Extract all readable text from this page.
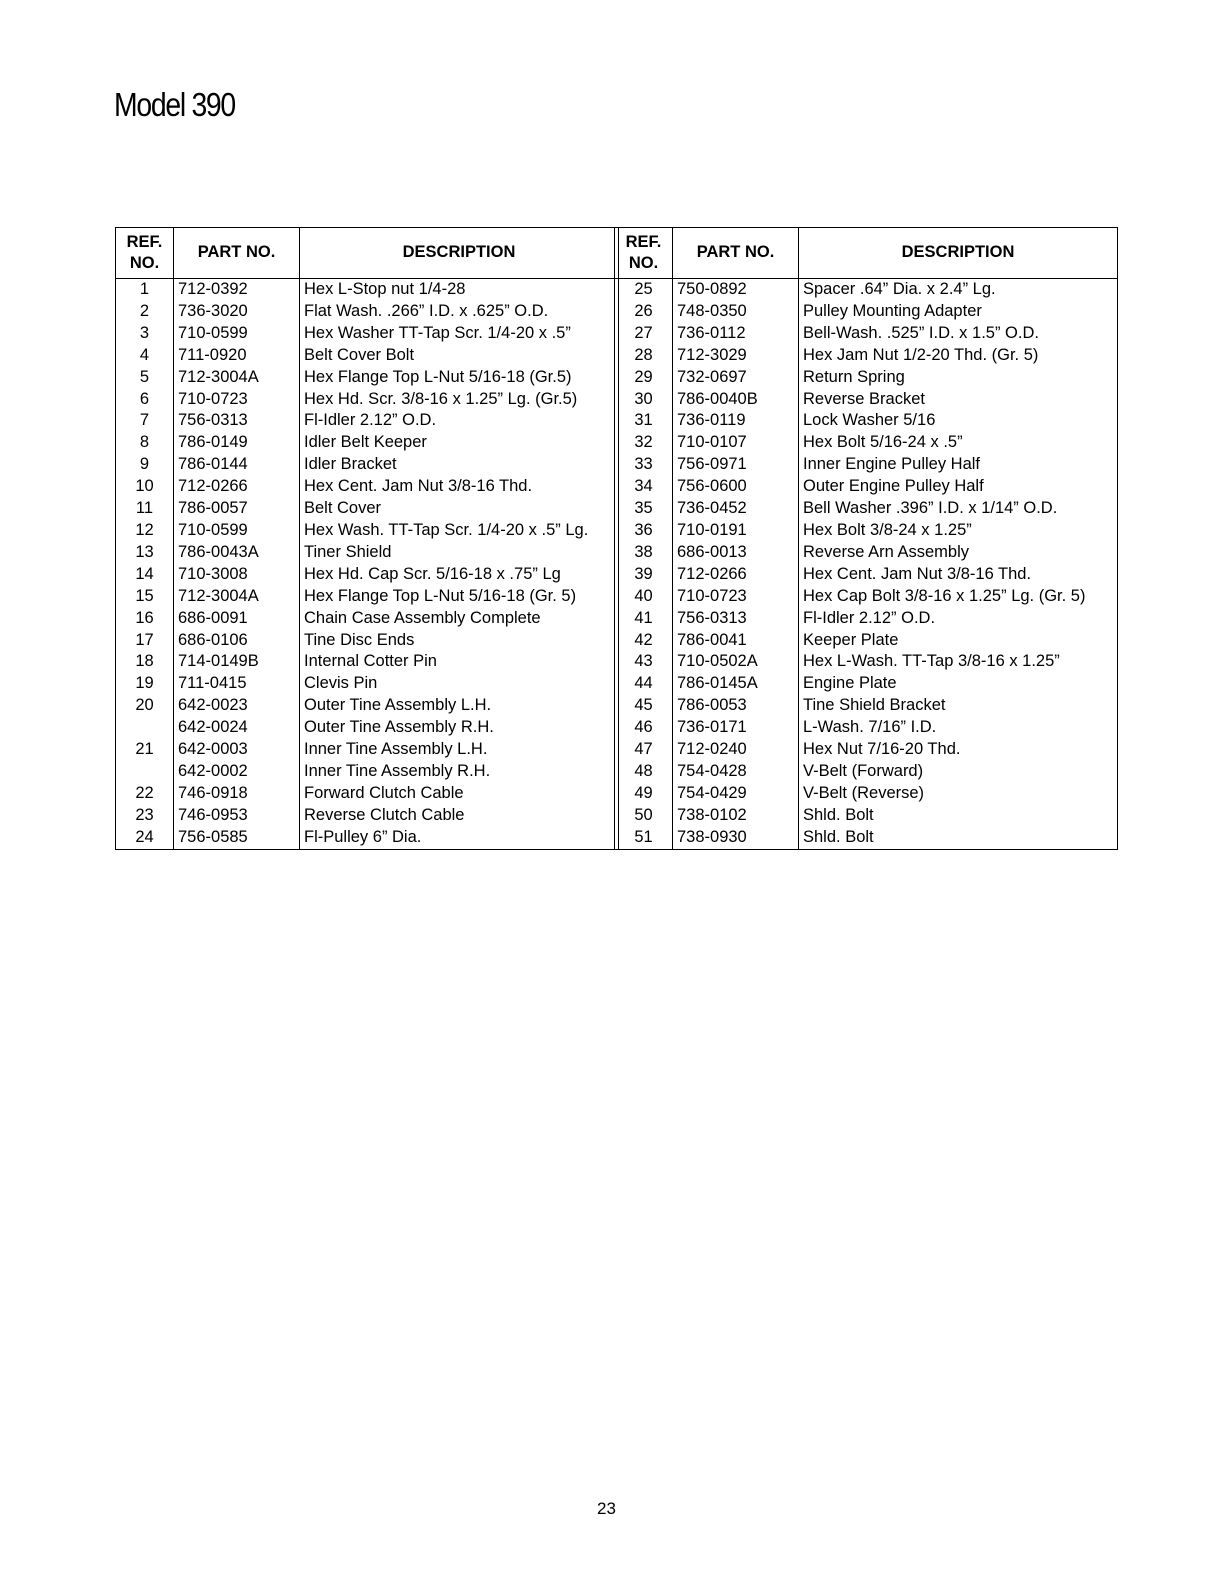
Model 390
REF.
NO.	PART NO.	DESCRIPTION
1	712-0392	Hex L-Stop nut 1/4-28
2	736-3020	Flat Wash. .266” I.D. x .625” O.D.
3	710-0599	Hex Washer TT-Tap Scr. 1/4-20 x .5”
4	711-0920	Belt Cover Bolt
5	712-3004A	Hex Flange Top L-Nut 5/16-18 (Gr.5)
6	710-0723	Hex Hd. Scr. 3/8-16 x 1.25” Lg. (Gr.5)
7	756-0313	Fl-Idler 2.12” O.D.
8	786-0149	Idler Belt Keeper
9	786-0144	Idler Bracket
10	712-0266	Hex Cent. Jam Nut 3/8-16 Thd.
11	786-0057	Belt Cover
12	710-0599	Hex Wash. TT-Tap Scr. 1/4-20 x .5” Lg.
13	786-0043A	Tiner Shield
14	710-3008	Hex Hd. Cap Scr. 5/16-18 x .75” Lg
15	712-3004A	Hex Flange Top L-Nut 5/16-18 (Gr. 5)
16	686-0091	Chain Case Assembly Complete
17	686-0106	Tine Disc Ends
18	714-0149B	Internal Cotter Pin
19	711-0415	Clevis Pin
20	642-0023	Outer Tine Assembly L.H.
	642-0024	Outer Tine Assembly R.H.
21	642-0003	Inner Tine Assembly L.H.
	642-0002	Inner Tine Assembly R.H.
22	746-0918	Forward Clutch Cable
23	746-0953	Reverse Clutch Cable
24	756-0585	Fl-Pulley 6” Dia.
REF.
NO.	PART NO.	DESCRIPTION
25	750-0892	Spacer .64” Dia. x 2.4” Lg.
26	748-0350	Pulley Mounting Adapter
27	736-0112	Bell-Wash. .525” I.D. x 1.5” O.D.
28	712-3029	Hex Jam Nut 1/2-20 Thd. (Gr. 5)
29	732-0697	Return Spring
30	786-0040B	Reverse Bracket
31	736-0119	Lock Washer 5/16
32	710-0107	Hex Bolt 5/16-24 x .5”
33	756-0971	Inner Engine Pulley Half
34	756-0600	Outer Engine Pulley Half
35	736-0452	Bell Washer .396” I.D. x 1/14” O.D.
36	710-0191	Hex Bolt 3/8-24 x 1.25”
38	686-0013	Reverse Arn Assembly
39	712-0266	Hex Cent. Jam Nut 3/8-16 Thd.
40	710-0723	Hex Cap Bolt 3/8-16 x 1.25” Lg. (Gr. 5)
41	756-0313	Fl-Idler 2.12” O.D.
42	786-0041	Keeper Plate
43	710-0502A	Hex L-Wash. TT-Tap 3/8-16 x 1.25”
44	786-0145A	Engine Plate
45	786-0053	Tine Shield Bracket
46	736-0171	L-Wash. 7/16” I.D.
47	712-0240	Hex Nut 7/16-20 Thd.
48	754-0428	V-Belt (Forward)
49	754-0429	V-Belt (Reverse)
50	738-0102	Shld. Bolt
51	738-0930	Shld. Bolt
23
